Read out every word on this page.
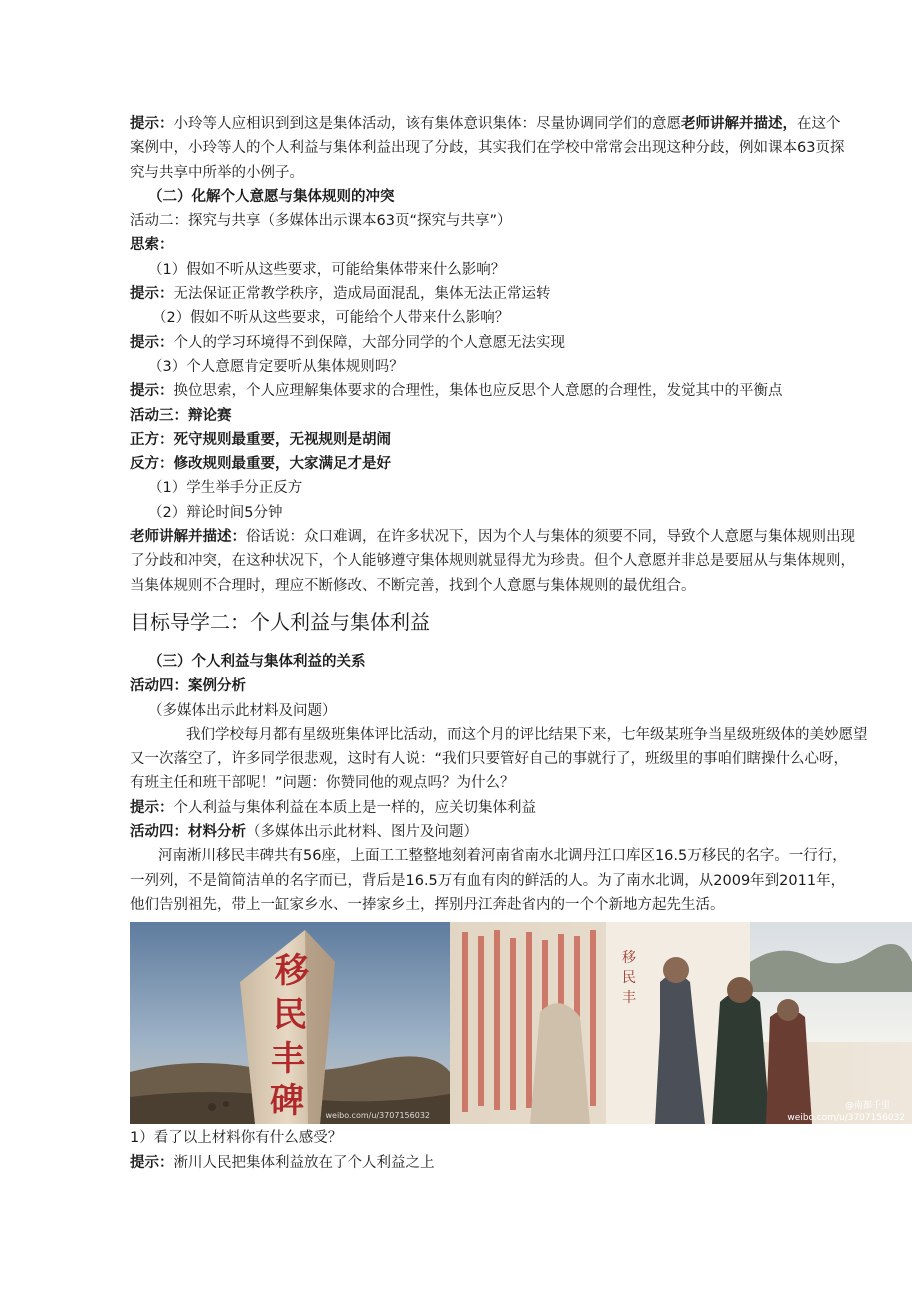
提示：小玲等人应相识到到这是集体活动，该有集体意识集体：尽量协调同学们的意愿老师讲解并描述，在这个
案例中，小玲等人的个人利益与集体利益出现了分歧，其实我们在学校中常常会出现这种分歧，例如课本63页探
究与共享中所举的小例子。
（二）化解个人意愿与集体规则的冲突
活动二：探究与共享（多媒体出示课本63页“探究与共享”）
思索：
（1）假如不听从这些要求，可能给集体带来什么影响？
提示：无法保证正常教学秩序，造成局面混乱，集体无法正常运转
（2）假如不听从这些要求，可能给个人带来什么影响？
提示：个人的学习环境得不到保障，大部分同学的个人意愿无法实现
（3）个人意愿肯定要听从集体规则吗？
提示：换位思索，个人应理解集体要求的合理性，集体也应反思个人意愿的合理性，发觉其中的平衡点
活动三：辩论赛
正方：死守规则最重要，无视规则是胡闹
反方：修改规则最重要，大家满足才是好
（1）学生举手分正反方
（2）辩论时间5分钟
老师讲解并描述：俗话说：众口难调，在许多状况下，因为个人与集体的须要不同，导致个人意愿与集体规则出现
了分歧和冲突，在这种状况下，个人能够遵守集体规则就显得尤为珍贵。但个人意愿并非总是要屈从与集体规则，
当集体规则不合理时，理应不断修改、不断完善，找到个人意愿与集体规则的最优组合。
目标导学二：个人利益与集体利益
（三）个人利益与集体利益的关系
活动四：案例分析
（多媒体出示此材料及问题）
我们学校每月都有星级班集体评比活动，而这个月的评比结果下来，七年级某班争当星级班级体的美妙愿望
又一次落空了，许多同学很悲观，这时有人说：“我们只要管好自己的事就行了，班级里的事咱们瞎操什么心呀，
有班主任和班干部呢！”问题：你赞同他的观点吗？为什么？
提示：个人利益与集体利益在本质上是一样的，应关切集体利益
活动四：材料分析（多媒体出示此材料、图片及问题）
河南淅川移民丰碑共有56座，上面工工整整地刻着河南省南水北调丹江口库区16.5万移民的名字。一行行，
一列列，不是简简洁单的名字而已，背后是16.5万有血有肉的鲜活的人。为了南水北调，从2009年到2011年，
他们告别祖先，带上一缸家乡水、一捧家乡土，挥别丹江奔赴省内的一个个新地方起先生活。
移
民
丰
碑	weibo.com/u/3707156032
移
民
丰
@南都千里
weibo.com/u/3707156032
1）看了以上材料你有什么感受？
提示：淅川人民把集体利益放在了个人利益之上
